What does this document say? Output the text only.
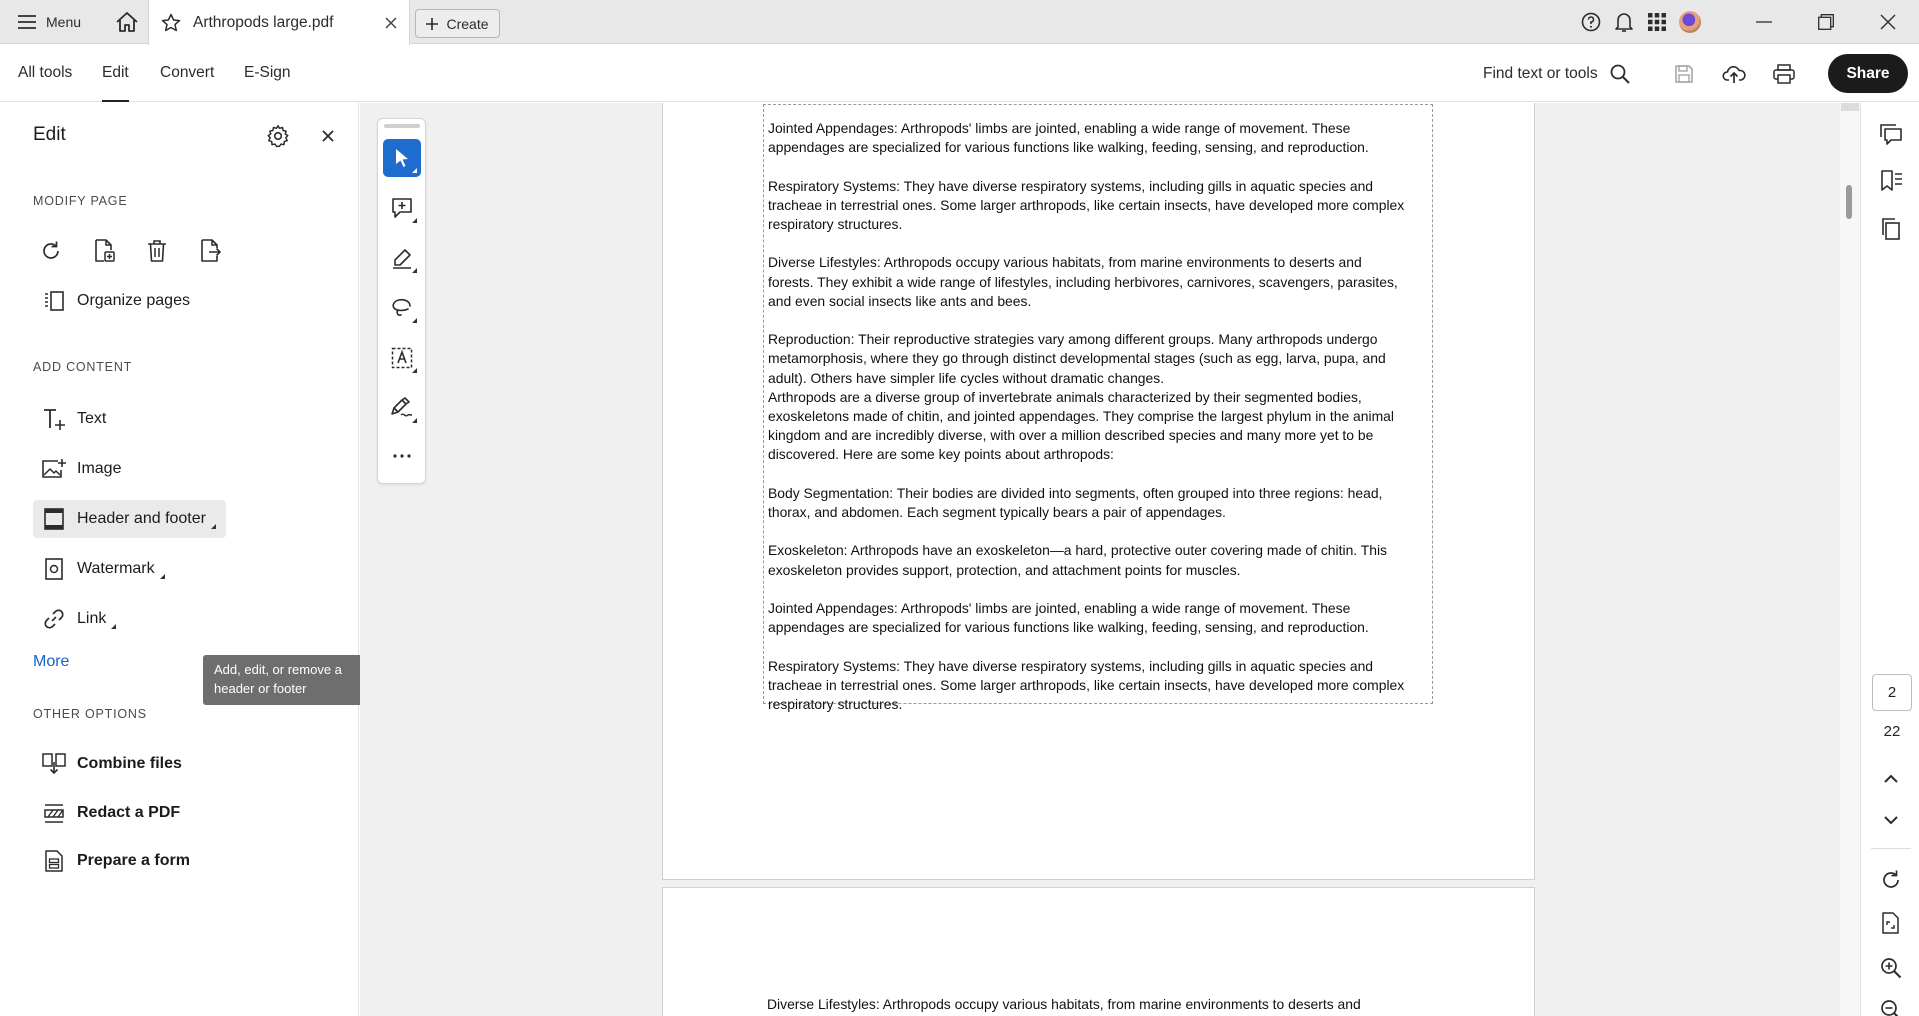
Menu	Arthropods large.pdf	Create
All tools Edit Convert E-Sign	Find text or tools	Share
Edit
MODIFY PAGE
Organize pages
ADD CONTENT
Text
Image
Header and footer
Watermark
Link
More
OTHER OPTIONS
Combine files
Redact a PDF
Prepare a form
Add, edit, or remove a header or footer
Jointed Appendages: Arthropods' limbs are jointed, enabling a wide range of movement. These
appendages are specialized for various functions like walking, feeding, sensing, and reproduction.
Respiratory Systems: They have diverse respiratory systems, including gills in aquatic species and
tracheae in terrestrial ones. Some larger arthropods, like certain insects, have developed more complex
respiratory structures.
Diverse Lifestyles: Arthropods occupy various habitats, from marine environments to deserts and
forests. They exhibit a wide range of lifestyles, including herbivores, carnivores, scavengers, parasites,
and even social insects like ants and bees.
Reproduction: Their reproductive strategies vary among different groups. Many arthropods undergo
metamorphosis, where they go through distinct developmental stages (such as egg, larva, pupa, and
adult). Others have simpler life cycles without dramatic changes.
Arthropods are a diverse group of invertebrate animals characterized by their segmented bodies,
exoskeletons made of chitin, and jointed appendages. They comprise the largest phylum in the animal
kingdom and are incredibly diverse, with over a million described species and many more yet to be
discovered. Here are some key points about arthropods:
Body Segmentation: Their bodies are divided into segments, often grouped into three regions: head,
thorax, and abdomen. Each segment typically bears a pair of appendages.
Exoskeleton: Arthropods have an exoskeleton—a hard, protective outer covering made of chitin. This
exoskeleton provides support, protection, and attachment points for muscles.
Jointed Appendages: Arthropods' limbs are jointed, enabling a wide range of movement. These
appendages are specialized for various functions like walking, feeding, sensing, and reproduction.
Respiratory Systems: They have diverse respiratory systems, including gills in aquatic species and
tracheae in terrestrial ones. Some larger arthropods, like certain insects, have developed more complex
respiratory structures.
Diverse Lifestyles: Arthropods occupy various habitats, from marine environments to deserts and
2
22
